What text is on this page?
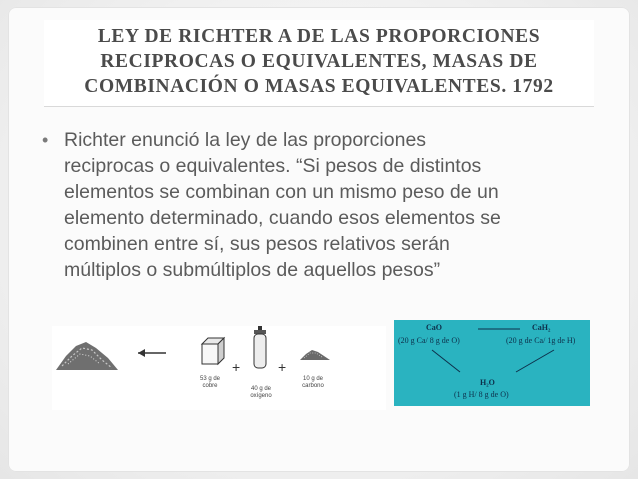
LEY DE RICHTER A DE LAS PROPORCIONES
RECIPROCAS O EQUIVALENTES, MASAS DE
COMBINACIÓN O MASAS EQUIVALENTES. 1792
• Richter enunció la ley de las proporciones
reciprocas o equivalentes. “Si pesos de distintos
elementos se combinan con un mismo peso de un
elemento determinado, cuando esos elementos se
combinen entre sí, sus pesos relativos serán
múltiplos o submúltiplos de aquellos pesos”
+	+
53 g de
cobre	40 g de
oxígeno
10 g de
carbono
CaO
(20 g Ca/ 8 g de O)
CaH₂
(20 g de Ca/ 1g de H)
H₂O
(1 g H/ 8 g de O)
